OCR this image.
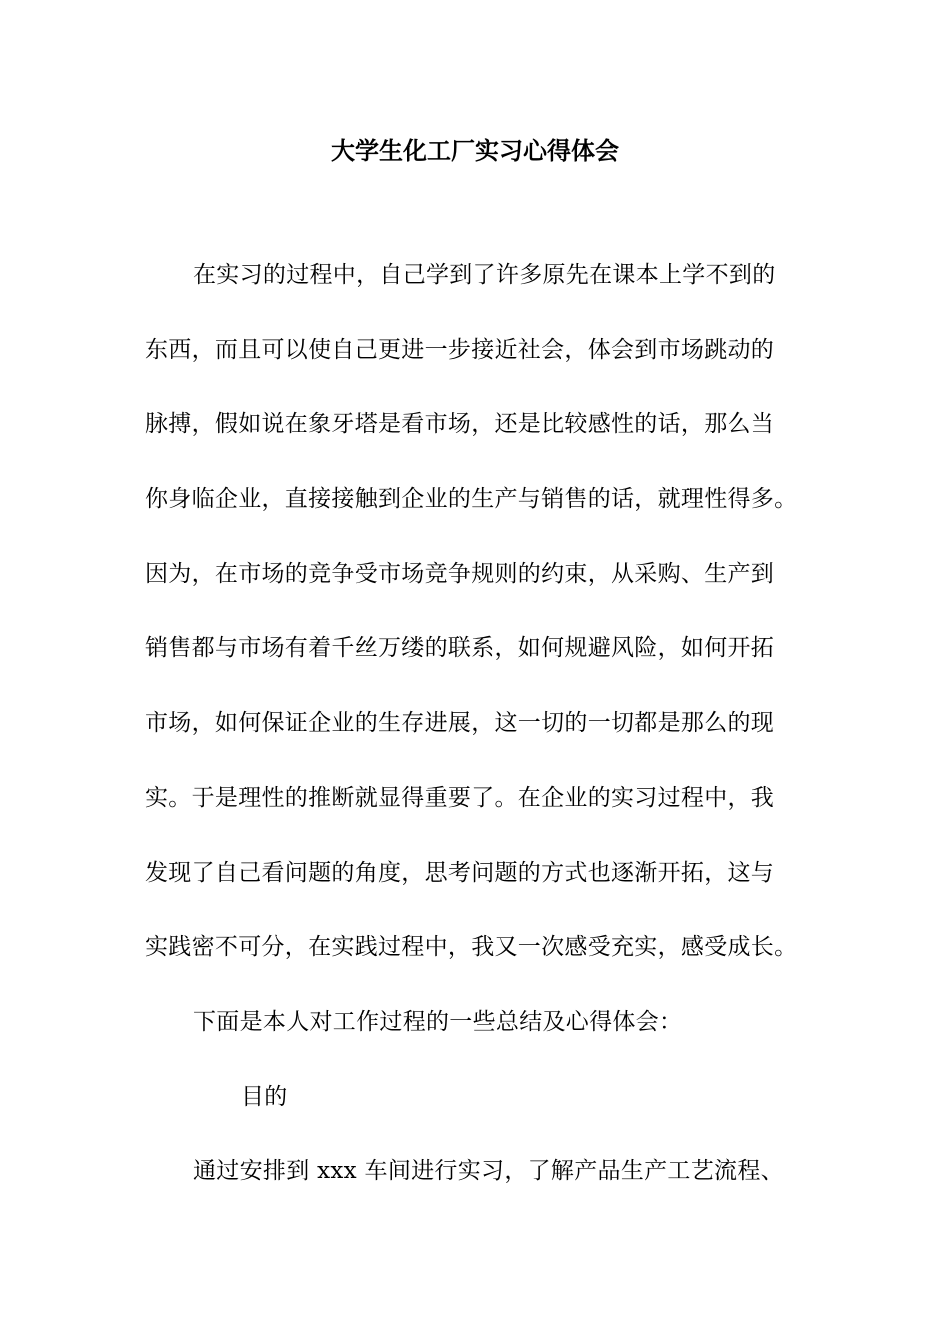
大学生化工厂实习心得体会
在实习的过程中，自己学到了许多原先在课本上学不到的
东西，而且可以使自己更进一步接近社会，体会到市场跳动的
脉搏，假如说在象牙塔是看市场，还是比较感性的话，那么当
你身临企业，直接接触到企业的生产与销售的话，就理性得多。
因为，在市场的竞争受市场竞争规则的约束，从采购、生产到
销售都与市场有着千丝万缕的联系，如何规避风险，如何开拓
市场，如何保证企业的生存进展，这一切的一切都是那么的现
实。于是理性的推断就显得重要了。在企业的实习过程中，我
发现了自己看问题的角度，思考问题的方式也逐渐开拓，这与
实践密不可分，在实践过程中，我又一次感受充实，感受成长。
下面是本人对工作过程的一些总结及心得体会：
目的
通过安排到 xxx 车间进行实习，了解产品生产工艺流程、
